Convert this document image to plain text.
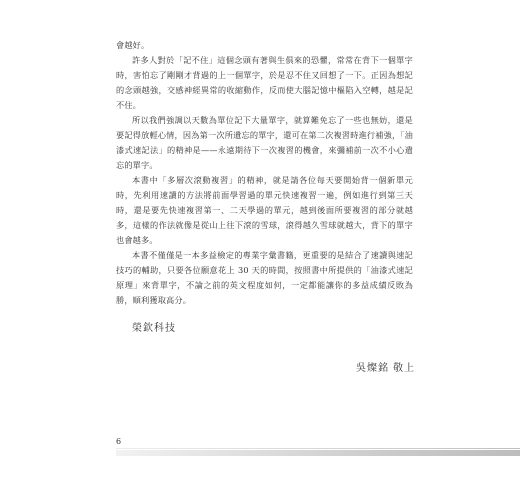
會越好。

許多人對於「記不住」這個念頭有著與生俱來的恐懼，常常在背下一個單字時，害怕忘了剛剛才背過的上一個單字，於是忍不住又回想了一下。正因為想記的念頭越強，交感神經異常的收縮動作，反而使大腦記憶中樞陷入空轉，越是記不住。

所以我們強調以天數為單位記下大量單字，就算難免忘了一些也無妨，還是要記得放輕心情，因為第一次所遺忘的單字，還可在第二次複習時進行補強，「油漆式速記法」的精神是——永遠期待下一次複習的機會，來彌補前一次不小心遺忘的單字。

本書中「多層次滾動複習」的精神，就是請各位每天要開始背一個新單元時，先利用速讀的方法將前面學習過的單元快速複習一遍，例如進行到第三天時，還是要先快速複習第一、二天學過的單元，越到後面所要複習的部分就越多，這樣的作法就像是從山上往下滾的雪球，滾得越久雪球就越大，背下的單字也會越多。

本書不僅僅是一本多益檢定的專業字彙書籍，更重要的是結合了速讀與速記技巧的輔助，只要各位願意花上 30 天的時間，按照書中所提供的「油漆式速記原理」來背單字，不論之前的英文程度如何，一定都能讓你的多益成績反敗為勝，順利獲取高分。

榮欽科技
吳燦銘 敬上
6
